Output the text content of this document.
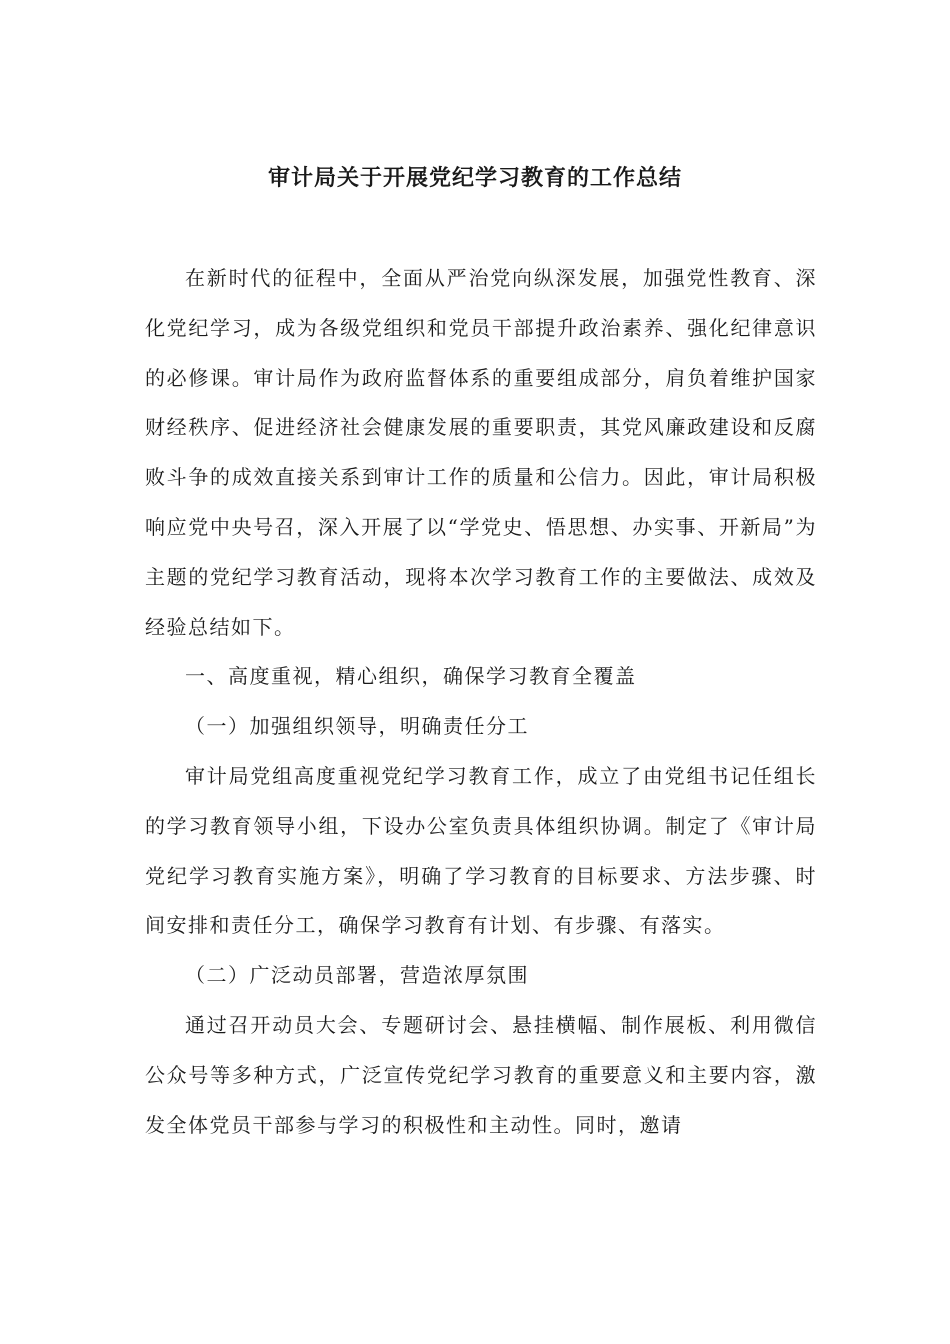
审计局关于开展党纪学习教育的工作总结

在新时代的征程中，全面从严治党向纵深发展，加强党性教育、深化党纪学习，成为各级党组织和党员干部提升政治素养、强化纪律意识的必修课。审计局作为政府监督体系的重要组成部分，肩负着维护国家财经秩序、促进经济社会健康发展的重要职责，其党风廉政建设和反腐败斗争的成效直接关系到审计工作的质量和公信力。因此，审计局积极响应党中央号召，深入开展了以“学党史、悟思想、办实事、开新局”为主题的党纪学习教育活动，现将本次学习教育工作的主要做法、成效及经验总结如下。

一、高度重视，精心组织，确保学习教育全覆盖

（一）加强组织领导，明确责任分工

审计局党组高度重视党纪学习教育工作，成立了由党组书记任组长的学习教育领导小组，下设办公室负责具体组织协调。制定了《审计局党纪学习教育实施方案》，明确了学习教育的目标要求、方法步骤、时间安排和责任分工，确保学习教育有计划、有步骤、有落实。

（二）广泛动员部署，营造浓厚氛围

通过召开动员大会、专题研讨会、悬挂横幅、制作展板、利用微信公众号等多种方式，广泛宣传党纪学习教育的重要意义和主要内容，激发全体党员干部参与学习的积极性和主动性。同时，邀请
